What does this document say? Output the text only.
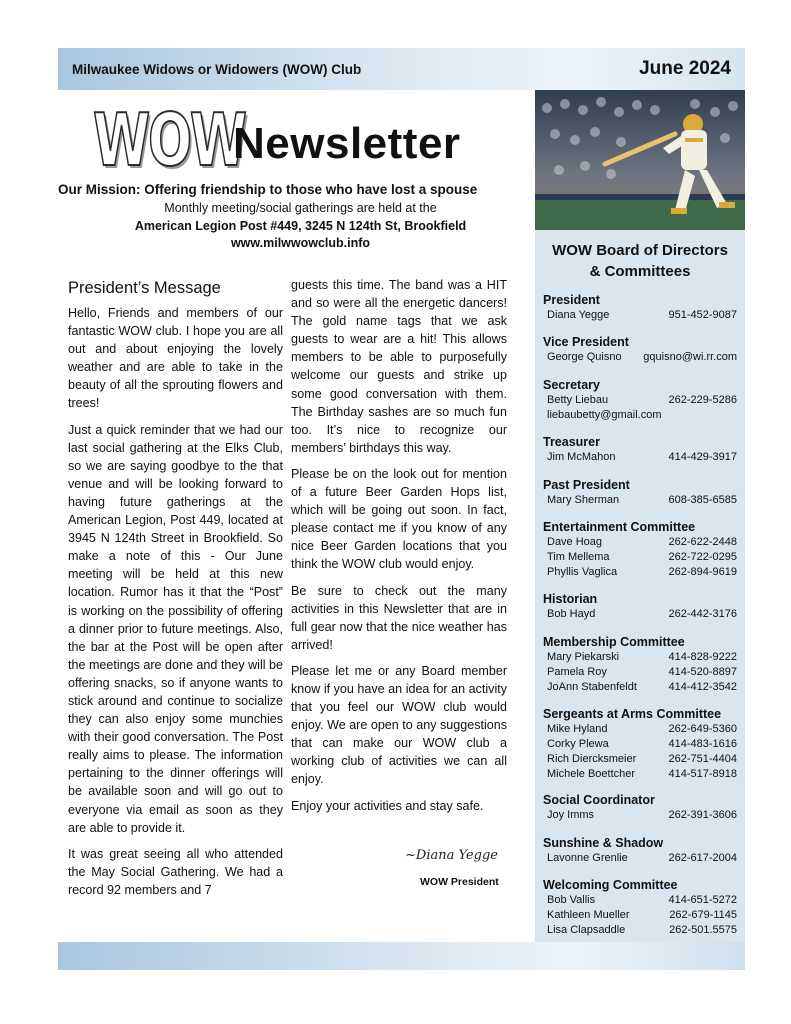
Milwaukee Widows or Widowers (WOW) Club	June 2024
WOW
Newsletter
Our Mission: Offering friendship to those who have lost a spouse
Monthly meeting/social gatherings are held at the
American Legion Post #449, 3245 N 124th St, Brookfield
www.milwwowclub.info
President’s Message

Hello, Friends and members of our fantastic WOW club. I hope you are all out and about enjoying the lovely weather and are able to take in the beauty of all the sprouting flowers and trees!

Just a quick reminder that we had our last social gathering at the Elks Club, so we are saying goodbye to the that venue and will be looking forward to having future gatherings at the American Legion, Post 449, located at 3945 N 124th Street in Brookfield. So make a note of this - Our June meeting will be held at this new location. Rumor has it that the “Post” is working on the possibility of offering a dinner prior to future meetings. Also, the bar at the Post will be open after the meetings are done and they will be offering snacks, so if anyone wants to stick around and continue to socialize they can also enjoy some munchies with their good conversation. The Post really aims to please. The information pertaining to the dinner offerings will be available soon and will go out to everyone via email as soon as they are able to provide it.

It was great seeing all who attended the May Social Gathering. We had a record 92 members and 7

guests this time. The band was a HIT and so were all the energetic dancers! The gold name tags that we ask guests to wear are a hit! This allows members to be able to purposefully welcome our guests and strike up some good conversation with them. The Birthday sashes are so much fun too. It’s nice to recognize our members’ birthdays this way.

Please be on the look out for mention of a future Beer Garden Hops list, which will be going out soon. In fact, please contact me if you know of any nice Beer Garden locations that you think the WOW club would enjoy.

Be sure to check out the many activities in this Newsletter that are in full gear now that the nice weather has arrived!

Please let me or any Board member know if you have an idea for an activity that you feel our WOW club would enjoy. We are open to any suggestions that can make our WOW club a working club of activities we can all enjoy.

Enjoy your activities and stay safe.

~Diana Yegge
WOW President
WOW Board of Directors
& Committees
President
Diana Yegge	951-452-9087
Vice President
George Quisno gquisno@wi.rr.com
Secretary
Betty Liebau	262-229-5286
liebaubetty@gmail.com
Treasurer
Jim McMahon	414-429-3917
Past President
Mary Sherman	608-385-6585
Entertainment Committee
Dave Hoag	262-622-2448
Tim Mellema	262-722-0295
Phyllis Vaglica	262-894-9619
Historian
Bob Hayd	262-442-3176
Membership Committee
Mary Piekarski	414-828-9222
Pamela Roy	414-520-8897
JoAnn Stabenfeldt	414-412-3542
Sergeants at Arms Committee
Mike Hyland	262-649-5360
Corky Plewa	414-483-1616
Rich Diercksmeier	262-751-4404
Michele Boettcher	414-517-8918
Social Coordinator
Joy Imms	262-391-3606
Sunshine & Shadow
Lavonne Grenlie	262-617-2004
Welcoming Committee
Bob Vallis	414-651-5272
Kathleen Mueller	262-679-1145
Lisa Clapsaddle	262-501.5575
